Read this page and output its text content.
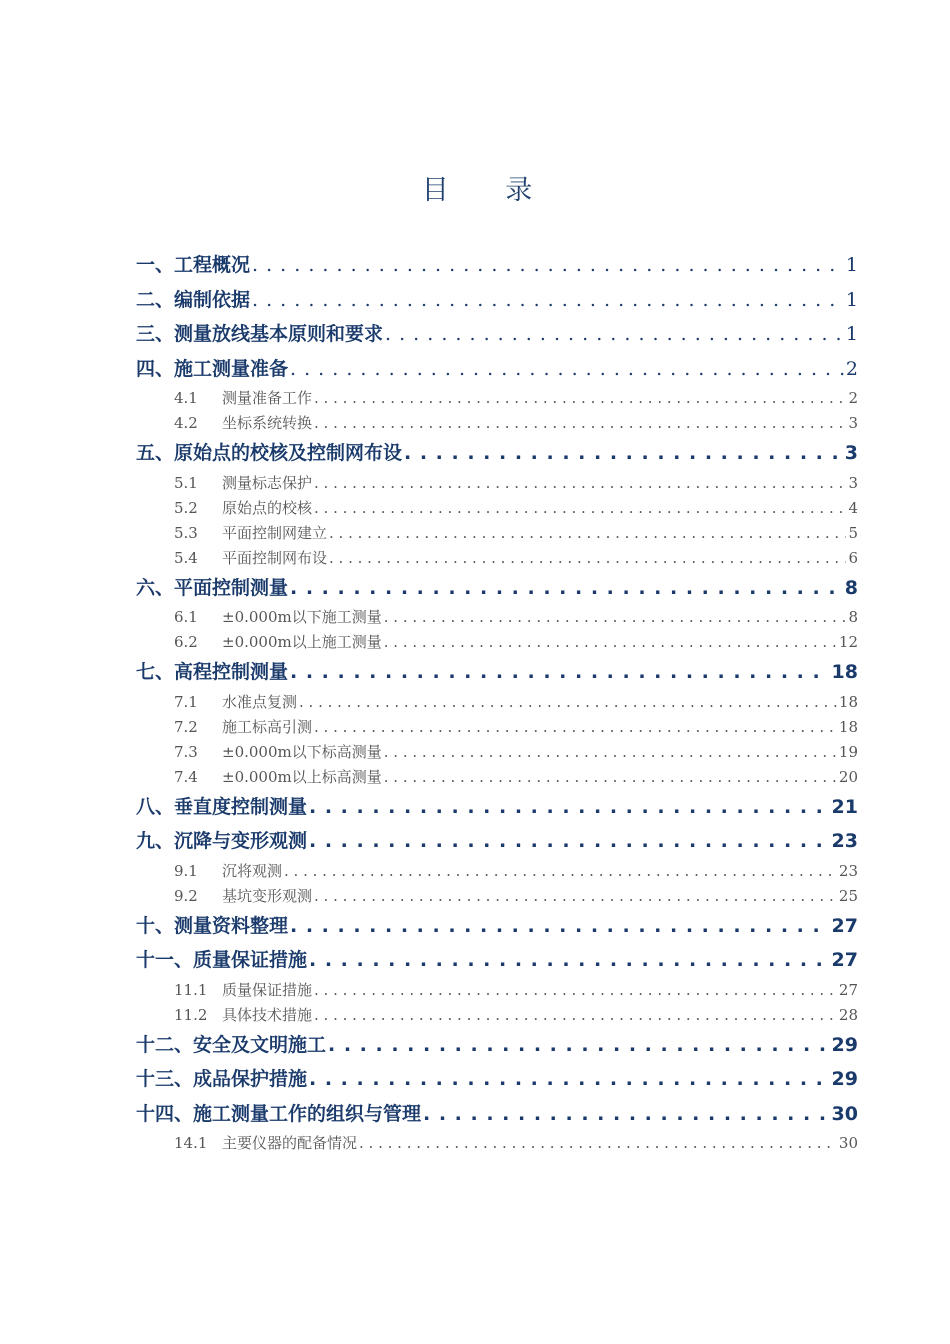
目 录
一、工程概况 . . .	1
二、编制依据 . . .	1
三、测量放线基本原则和要求 . . .	1
四、施工测量准备 . . .	2
4.1 测量准备工作 . . .	2
4.2 坐标系统转换 . . .	3
五、原始点的校核及控制网布设 . . .	3
5.1 测量标志保护 . . .	3
5.2 原始点的校核 . . .	4
5.3 平面控制网建立 . . .	5
5.4 平面控制网布设 . . .	6
六、平面控制测量 . . .	8
6.1 ±0.000m以下施工测量 . . .	8
6.2 ±0.000m以上施工测量 . . .	12
七、高程控制测量 . . .	18
7.1 水准点复测 . . .	18
7.2 施工标高引测 . . .	18
7.3 ±0.000m以下标高测量 . . .	19
7.4 ±0.000m以上标高测量 . . .	20
八、垂直度控制测量 . . .	21
九、沉降与变形观测 . . .	23
9.1 沉将观测 . . .	23
9.2 基坑变形观测 . . .	25
十、测量资料整理 . . .	27
十一、质量保证措施 . . .	27
11.1 质量保证措施 . . .	27
11.2 具体技术措施 . . .	28
十二、安全及文明施工 . . .	29
十三、成品保护措施 . . .	29
十四、施工测量工作的组织与管理 . . .	30
14.1 主要仪器的配备情况 . . .	30
